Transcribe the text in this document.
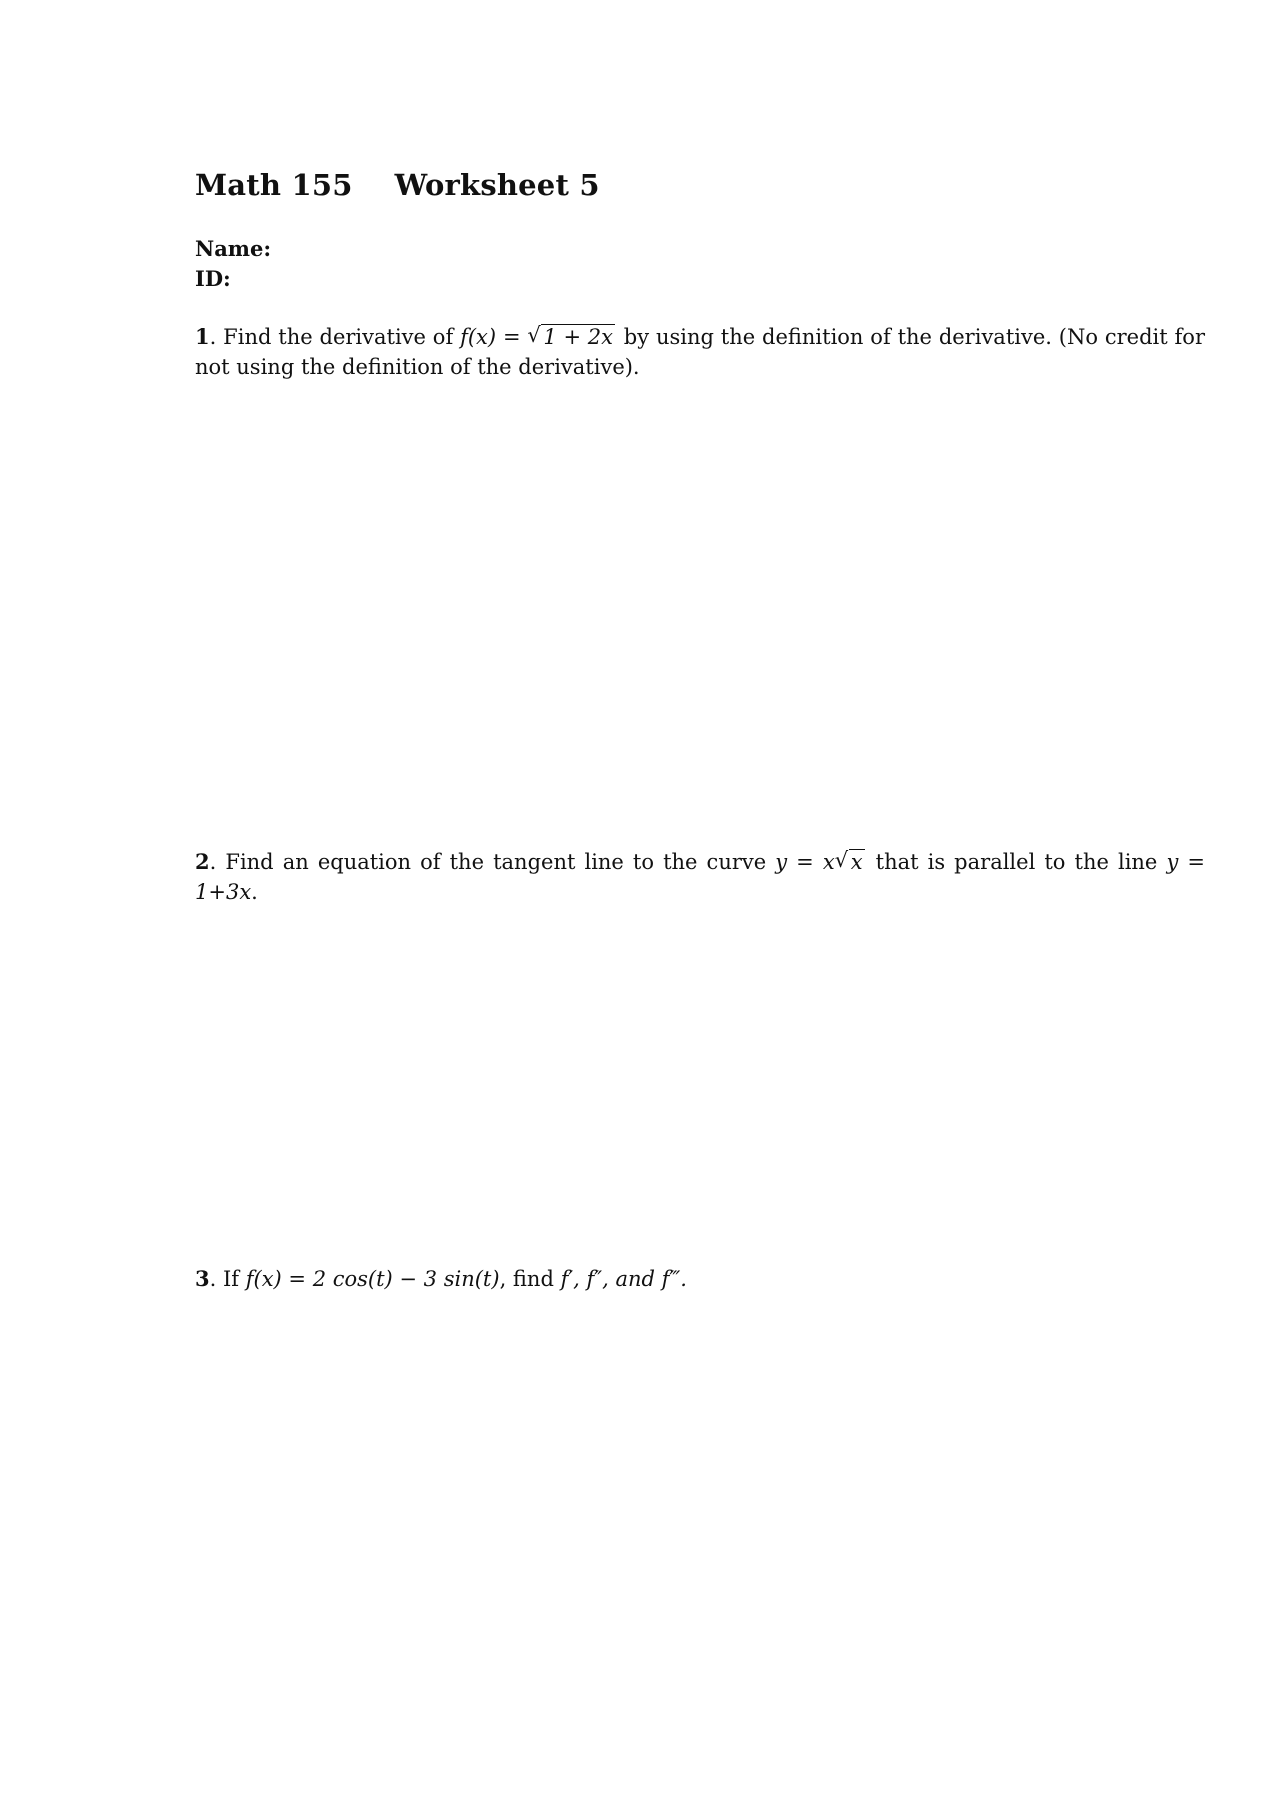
Math 155 Worksheet 5
Name:
ID:
1. Find the derivative of f(x) = √ 1 + 2x by using the definition of the derivative. (No credit for not using the definition of the derivative).
2. Find an equation of the tangent line to the curve y = x √ x that is parallel to the line y = 1+3x.
3. If f(x) = 2 cos(t) − 3 sin(t), find f′, f″, and f‴.
